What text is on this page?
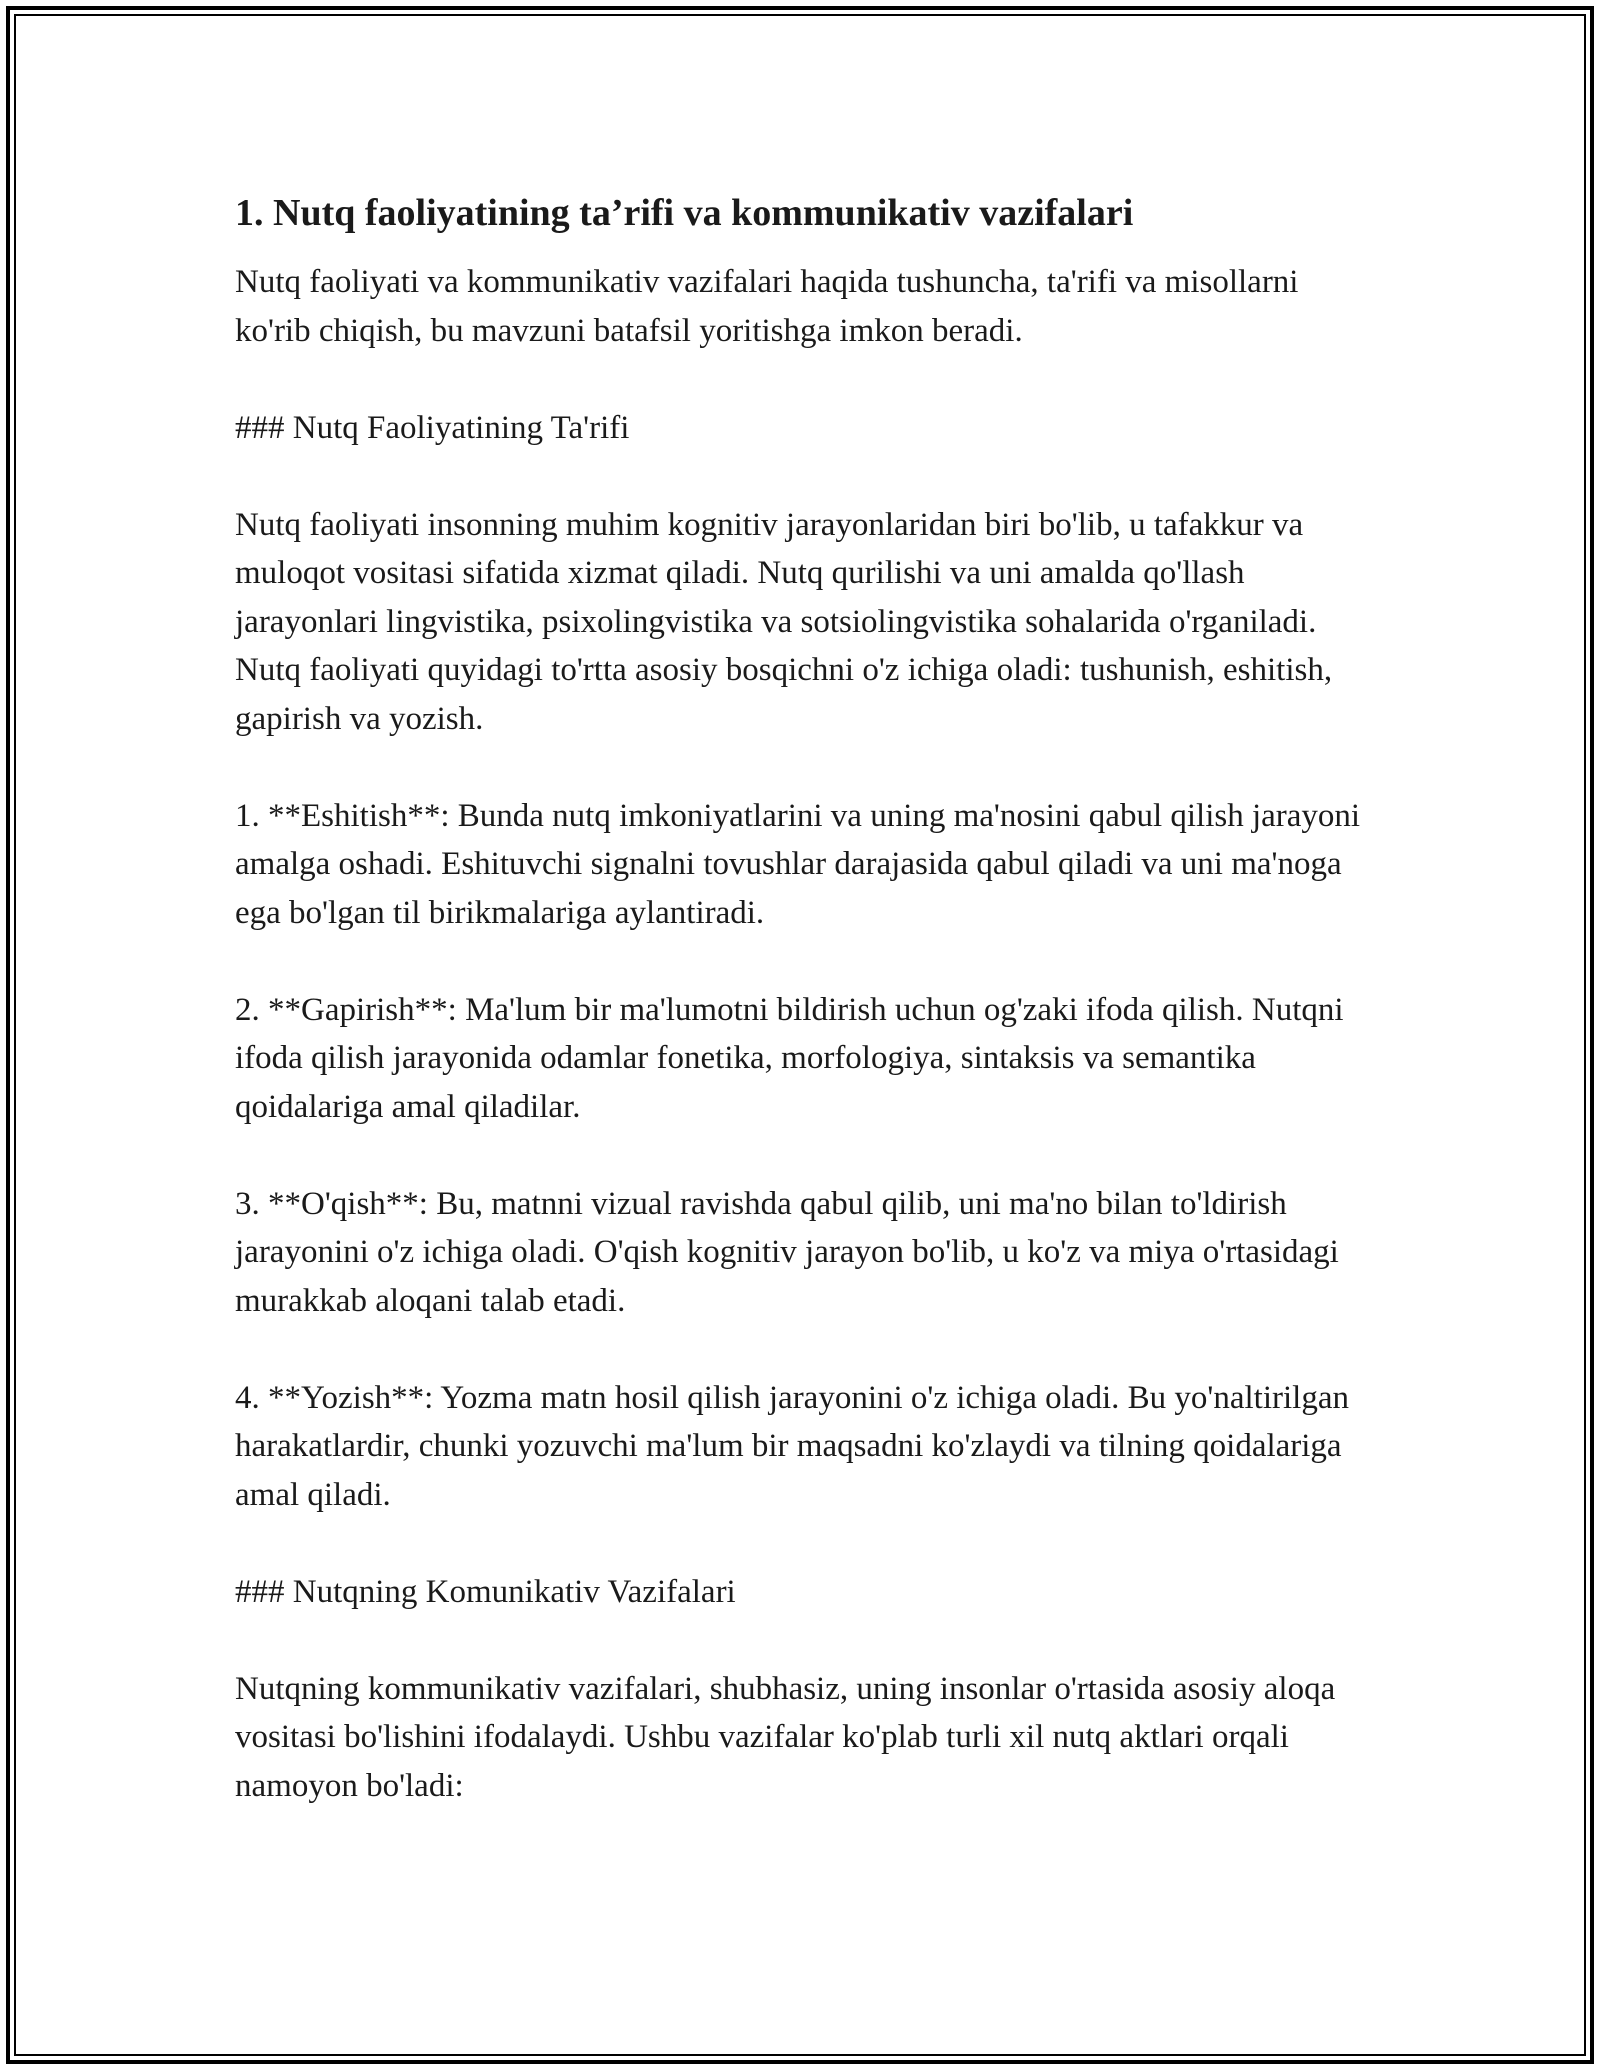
1. Nutq faoliyatining ta’rifi va kommunikativ vazifalari

Nutq faoliyati va kommunikativ vazifalari haqida tushuncha, ta'rifi va misollarni ko'rib chiqish, bu mavzuni batafsil yoritishga imkon beradi.

### Nutq Faoliyatining Ta'rifi

Nutq faoliyati insonning muhim kognitiv jarayonlaridan biri bo'lib, u tafakkur va muloqot vositasi sifatida xizmat qiladi. Nutq qurilishi va uni amalda qo'llash jarayonlari lingvistika, psixolingvistika va sotsiolingvistika sohalarida o'rganiladi. Nutq faoliyati quyidagi to'rtta asosiy bosqichni o'z ichiga oladi: tushunish, eshitish, gapirish va yozish.

1. **Eshitish**: Bunda nutq imkoniyatlarini va uning ma'nosini qabul qilish jarayoni amalga oshadi. Eshituvchi signalni tovushlar darajasida qabul qiladi va uni ma'noga ega bo'lgan til birikmalariga aylantiradi.

2. **Gapirish**: Ma'lum bir ma'lumotni bildirish uchun og'zaki ifoda qilish. Nutqni ifoda qilish jarayonida odamlar fonetika, morfologiya, sintaksis va semantika qoidalariga amal qiladilar.

3. **O'qish**: Bu, matnni vizual ravishda qabul qilib, uni ma'no bilan to'ldirish jarayonini o'z ichiga oladi. O'qish kognitiv jarayon bo'lib, u ko'z va miya o'rtasidagi murakkab aloqani talab etadi.

4. **Yozish**: Yozma matn hosil qilish jarayonini o'z ichiga oladi. Bu yo'naltirilgan harakatlardir, chunki yozuvchi ma'lum bir maqsadni ko'zlaydi va tilning qoidalariga amal qiladi.

### Nutqning Komunikativ Vazifalari

Nutqning kommunikativ vazifalari, shubhasiz, uning insonlar o'rtasida asosiy aloqa vositasi bo'lishini ifodalaydi. Ushbu vazifalar ko'plab turli xil nutq aktlari orqali namoyon bo'ladi:
